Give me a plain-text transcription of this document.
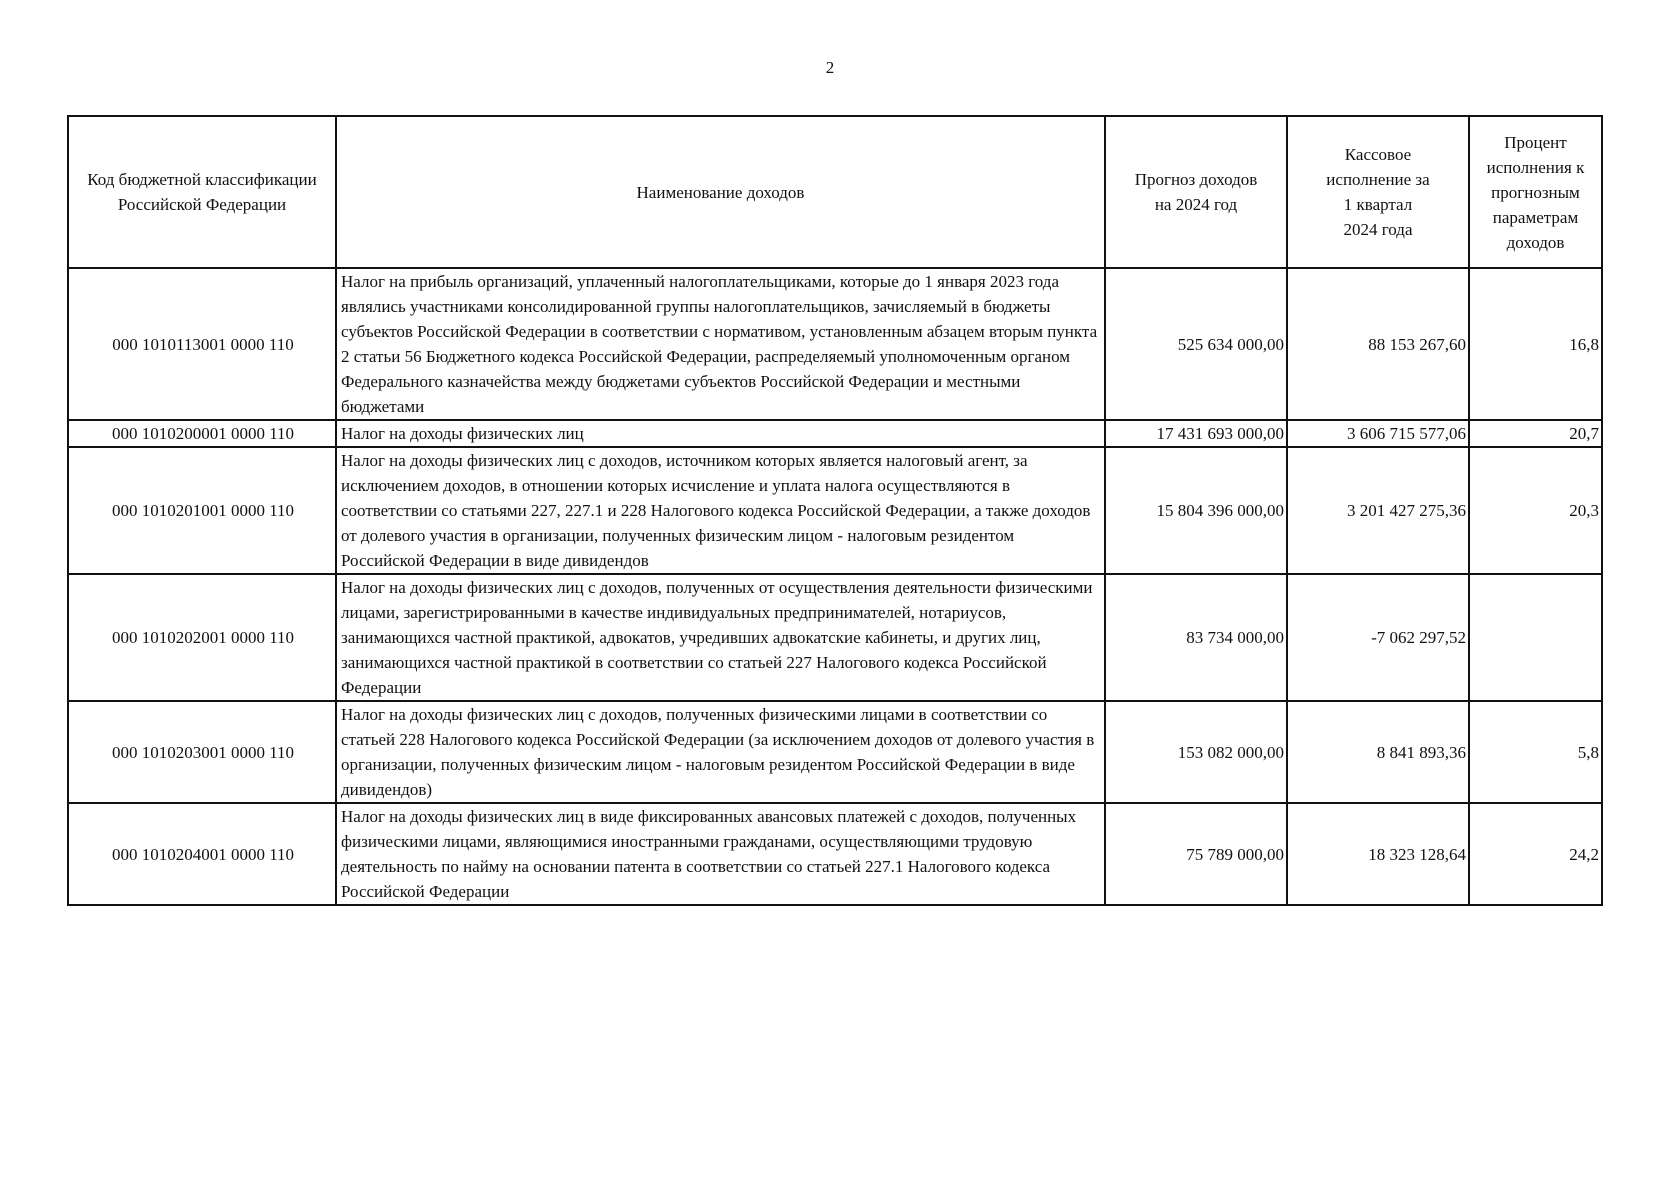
2
Код бюджетной классификации Российской Федерации	Наименование доходов	Прогноз доходов на 2024 год	Кассовое исполнение за 1 квартал 2024 года	Процент исполнения к прогнозным параметрам доходов
000 1010113001 0000 110	Налог на прибыль организаций, уплаченный налогоплательщиками, которые до 1 января 2023 года являлись участниками консолидированной группы налогоплательщиков, зачисляемый в бюджеты субъектов Российской Федерации в соответствии с нормативом, установленным абзацем вторым пункта 2 статьи 56 Бюджетного кодекса Российской Федерации, распределяемый уполномоченным органом Федерального казначейства между бюджетами субъектов Российской Федерации и местными бюджетами	525 634 000,00	88 153 267,60	16,8
000 1010200001 0000 110	Налог на доходы физических лиц	17 431 693 000,00	3 606 715 577,06	20,7
000 1010201001 0000 110	Налог на доходы физических лиц с доходов, источником которых является налоговый агент, за исключением доходов, в отношении которых исчисление и уплата налога осуществляются в соответствии со статьями 227, 227.1 и 228 Налогового кодекса Российской Федерации, а также доходов от долевого участия в организации, полученных физическим лицом - налоговым резидентом Российской Федерации в виде дивидендов	15 804 396 000,00	3 201 427 275,36	20,3
000 1010202001 0000 110	Налог на доходы физических лиц с доходов, полученных от осуществления деятельности физическими лицами, зарегистрированными в качестве индивидуальных предпринимателей, нотариусов, занимающихся частной практикой, адвокатов, учредивших адвокатские кабинеты, и других лиц, занимающихся частной практикой в соответствии со статьей 227 Налогового кодекса Российской Федерации	83 734 000,00	-7 062 297,52	
000 1010203001 0000 110	Налог на доходы физических лиц с доходов, полученных физическими лицами в соответствии со статьей 228 Налогового кодекса Российской Федерации (за исключением доходов от долевого участия в организации, полученных физическим лицом - налоговым резидентом Российской Федерации в виде дивидендов)	153 082 000,00	8 841 893,36	5,8
000 1010204001 0000 110	Налог на доходы физических лиц в виде фиксированных авансовых платежей с доходов, полученных физическими лицами, являющимися иностранными гражданами, осуществляющими трудовую деятельность по найму на основании патента в соответствии со статьей 227.1 Налогового кодекса Российской Федерации	75 789 000,00	18 323 128,64	24,2
